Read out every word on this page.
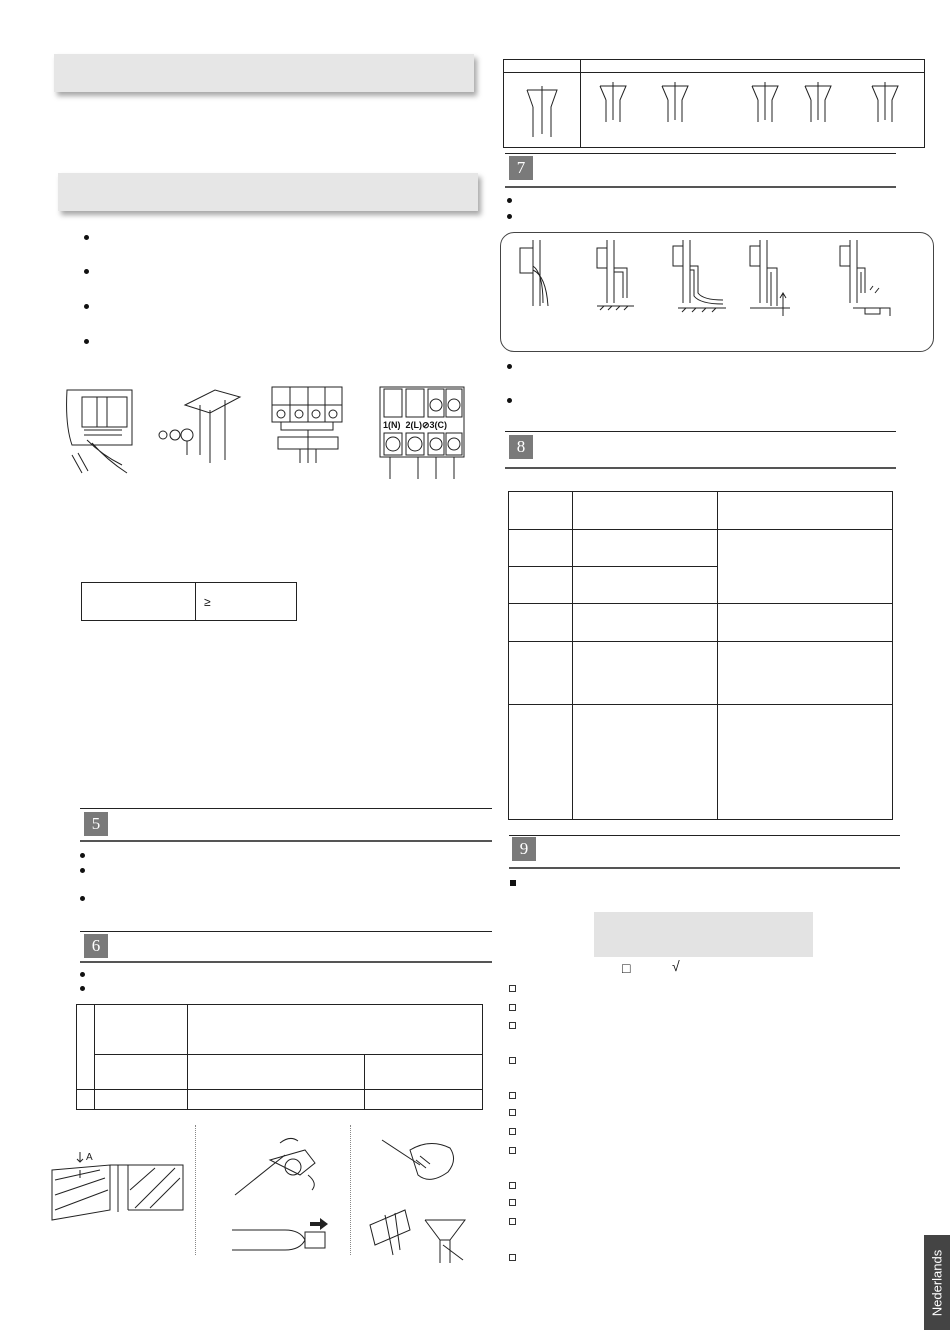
1(N)  2(L)⊘3(C)
	≥
5
6

A
7
8

9
□	√
Nederlands
